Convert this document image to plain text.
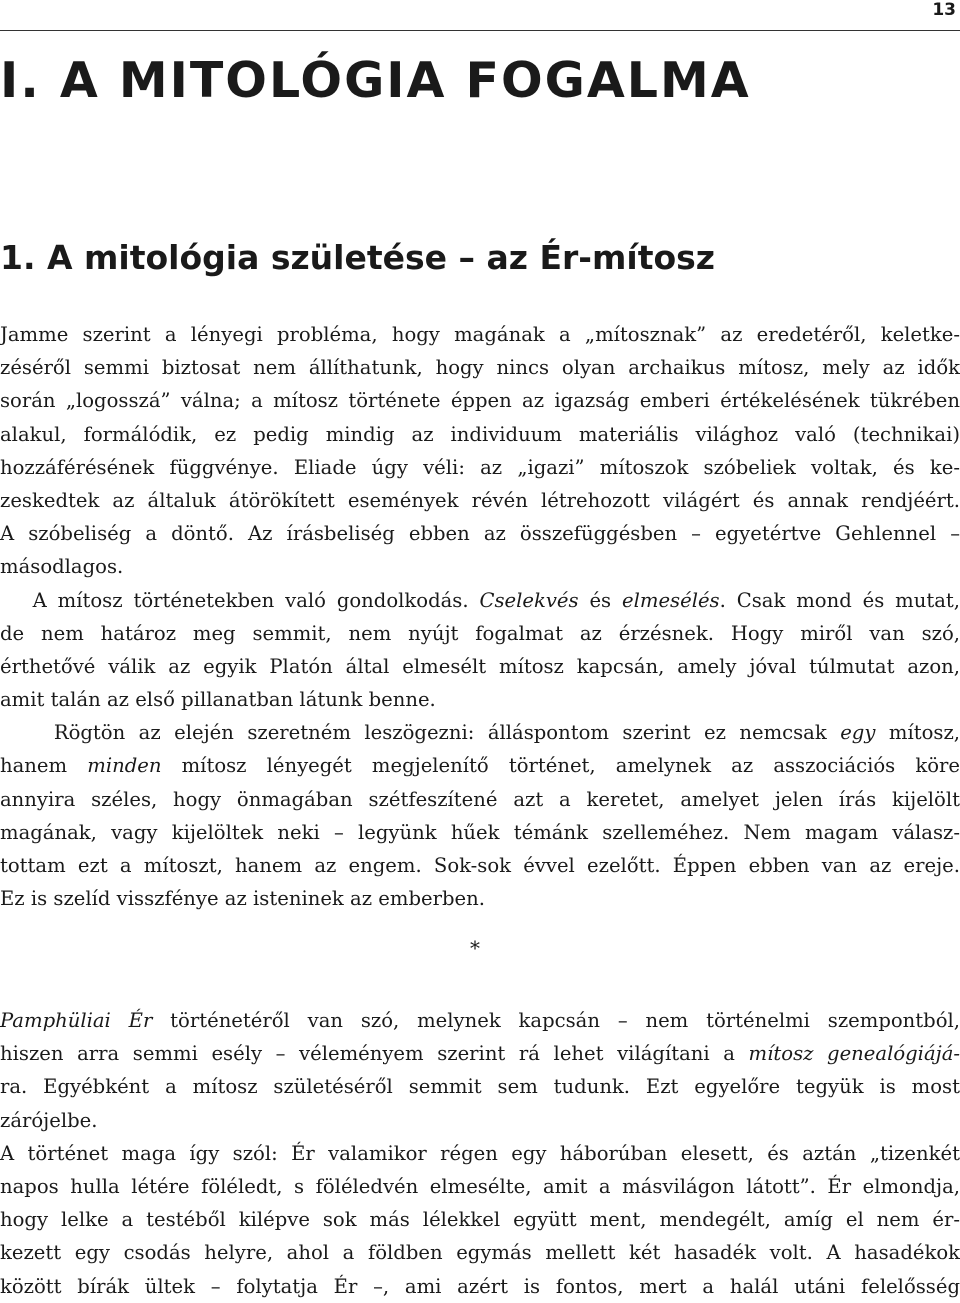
13
I. A MITOLÓGIA FOGALMA
1. A mitológia születése – az Ér-mítosz
Jamme szerint a lényegi probléma, hogy magának a „mítosznak” az eredetéről, keletke-
zéséről semmi biztosat nem állíthatunk, hogy nincs olyan archaikus mítosz, mely az idők
során „logosszá” válna; a mítosz története éppen az igazság emberi értékelésének tükrében
alakul, formálódik, ez pedig mindig az individuum materiális világhoz való (technikai)
hozzáférésének függvénye. Eliade úgy véli: az „igazi” mítoszok szóbeliek voltak, és ke-
zeskedtek az általuk átörökített események révén létrehozott világért és annak rendjéért.
A szóbeliség a döntő. Az írásbeliség ebben az összefüggésben – egyetértve Gehlennel –
másodlagos.
A mítosz történetekben való gondolkodás. Cselekvés és elmesélés. Csak mond és mutat,
de nem határoz meg semmit, nem nyújt fogalmat az érzésnek. Hogy miről van szó,
érthetővé válik az egyik Platón által elmesélt mítosz kapcsán, amely jóval túlmutat azon,
amit talán az első pillanatban látunk benne.
Rögtön az elején szeretném leszögezni: álláspontom szerint ez nemcsak egy mítosz,
hanem minden mítosz lényegét megjelenítő történet, amelynek az asszociációs köre
annyira széles, hogy önmagában szétfeszítené azt a keretet, amelyet jelen írás kijelölt
magának, vagy kijelöltek neki – legyünk hűek témánk szelleméhez. Nem magam válasz-
tottam ezt a mítoszt, hanem az engem. Sok-sok évvel ezelőtt. Éppen ebben van az ereje.
Ez is szelíd visszfénye az isteninek az emberben.
*
Pamphüliai Ér történetéről van szó, melynek kapcsán – nem történelmi szempontból,
hiszen arra semmi esély – véleményem szerint rá lehet világítani a mítosz genealógiájá-
ra. Egyébként a mítosz születéséről semmit sem tudunk. Ezt egyelőre tegyük is most
zárójelbe.
A történet maga így szól: Ér valamikor régen egy háborúban elesett, és aztán „tizenkét
napos hulla létére föléledt, s föléledvén elmesélte, amit a másvilágon látott”. Ér elmondja,
hogy lelke a testéből kilépve sok más lélekkel együtt ment, mendegélt, amíg el nem ér-
kezett egy csodás helyre, ahol a földben egymás mellett két hasadék volt. A hasadékok
között bírák ültek – folytatja Ér –, ami azért is fontos, mert a halál utáni felelősség
